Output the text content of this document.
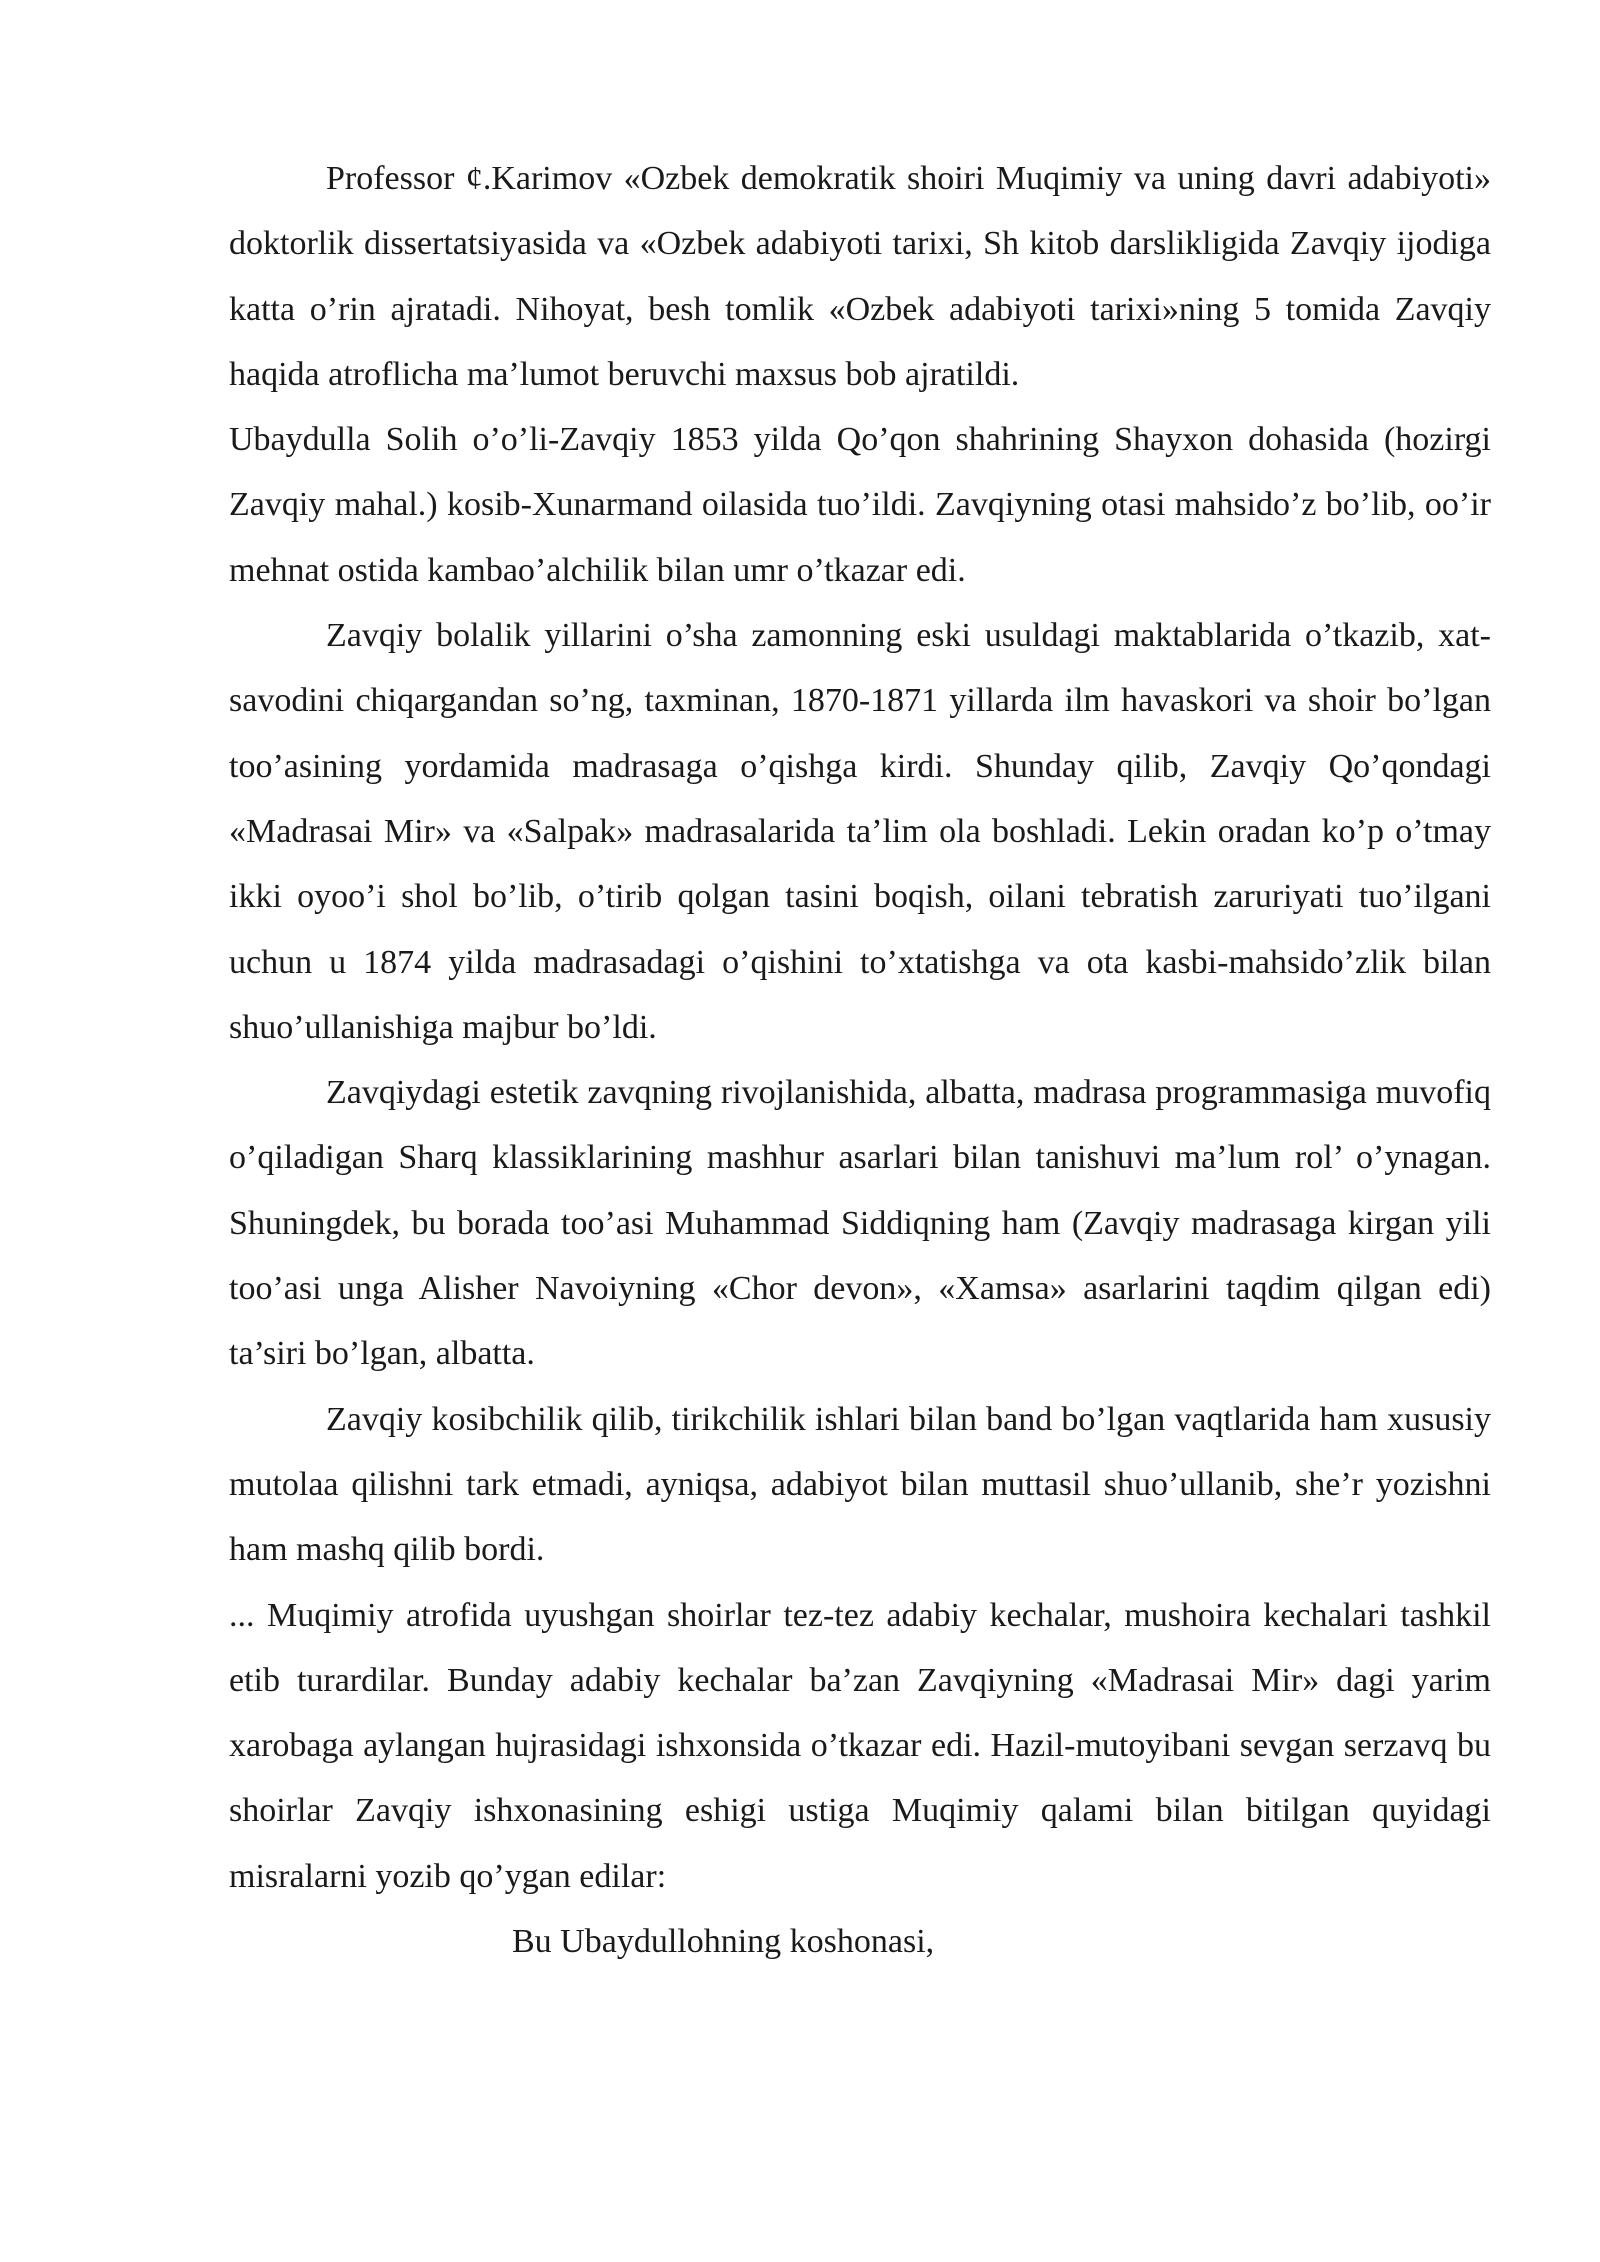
Professor ¢.Karimov «Ozbek demokratik shoiri Muqimiy va uning davri adabiyoti» doktorlik dissertatsiyasida va «Ozbek adabiyoti tarixi, Sh kitob darslikligida Zavqiy ijodiga katta o’rin ajratadi. Nihoyat, besh tomlik «Ozbek adabiyoti tarixi»ning 5 tomida Zavqiy haqida atroflicha ma’lumot beruvchi maxsus bob ajratildi.

Ubaydulla Solih o’o’li-Zavqiy 1853 yilda Qo’qon shahrining Shayxon dohasida (hozirgi Zavqiy mahal.) kosib-Xunarmand oilasida tuo’ildi. Zavqiyning otasi mahsido’z bo’lib, oo’ir mehnat ostida kambao’alchilik bilan umr o’tkazar edi.

Zavqiy bolalik yillarini o’sha zamonning eski usuldagi maktablarida o’tkazib, xat-savodini chiqargandan so’ng, taxminan, 1870-1871 yillarda ilm havaskori va shoir bo’lgan too’asining yordamida madrasaga o’qishga kirdi. Shunday qilib, Zavqiy Qo’qondagi «Madrasai Mir» va «Salpak» madrasalarida ta’lim ola boshladi. Lekin oradan ko’p o’tmay ikki oyoo’i shol bo’lib, o’tirib qolgan tasini boqish, oilani tebratish zaruriyati tuo’ilgani uchun u 1874 yilda madrasadagi o’qishini to’xtatishga va ota kasbi-mahsido’zlik bilan shuo’ullanishiga majbur bo’ldi.

Zavqiydagi estetik zavqning rivojlanishida, albatta, madrasa programmasiga muvofiq o’qiladigan Sharq klassiklarining mashhur asarlari bilan tanishuvi ma’lum rol’ o’ynagan. Shuningdek, bu borada too’asi Muhammad Siddiqning ham (Zavqiy madrasaga kirgan yili too’asi unga Alisher Navoiyning «Chor devon», «Xamsa» asarlarini taqdim qilgan edi) ta’siri bo’lgan, albatta.

Zavqiy kosibchilik qilib, tirikchilik ishlari bilan band bo’lgan vaqtlarida ham xususiy mutolaa qilishni tark etmadi, ayniqsa, adabiyot bilan muttasil shuo’ullanib, she’r yozishni ham mashq qilib bordi.

... Muqimiy atrofida uyushgan shoirlar tez-tez adabiy kechalar, mushoira kechalari tashkil etib turardilar. Bunday adabiy kechalar ba’zan Zavqiyning «Madrasai Mir» dagi yarim xarobaga aylangan hujrasidagi ishxonsida o’tkazar edi. Hazil-mutoyibani sevgan serzavq bu shoirlar Zavqiy ishxonasining eshigi ustiga Muqimiy qalami bilan bitilgan quyidagi misralarni yozib qo’ygan edilar:

Bu Ubaydullohning koshonasi,
